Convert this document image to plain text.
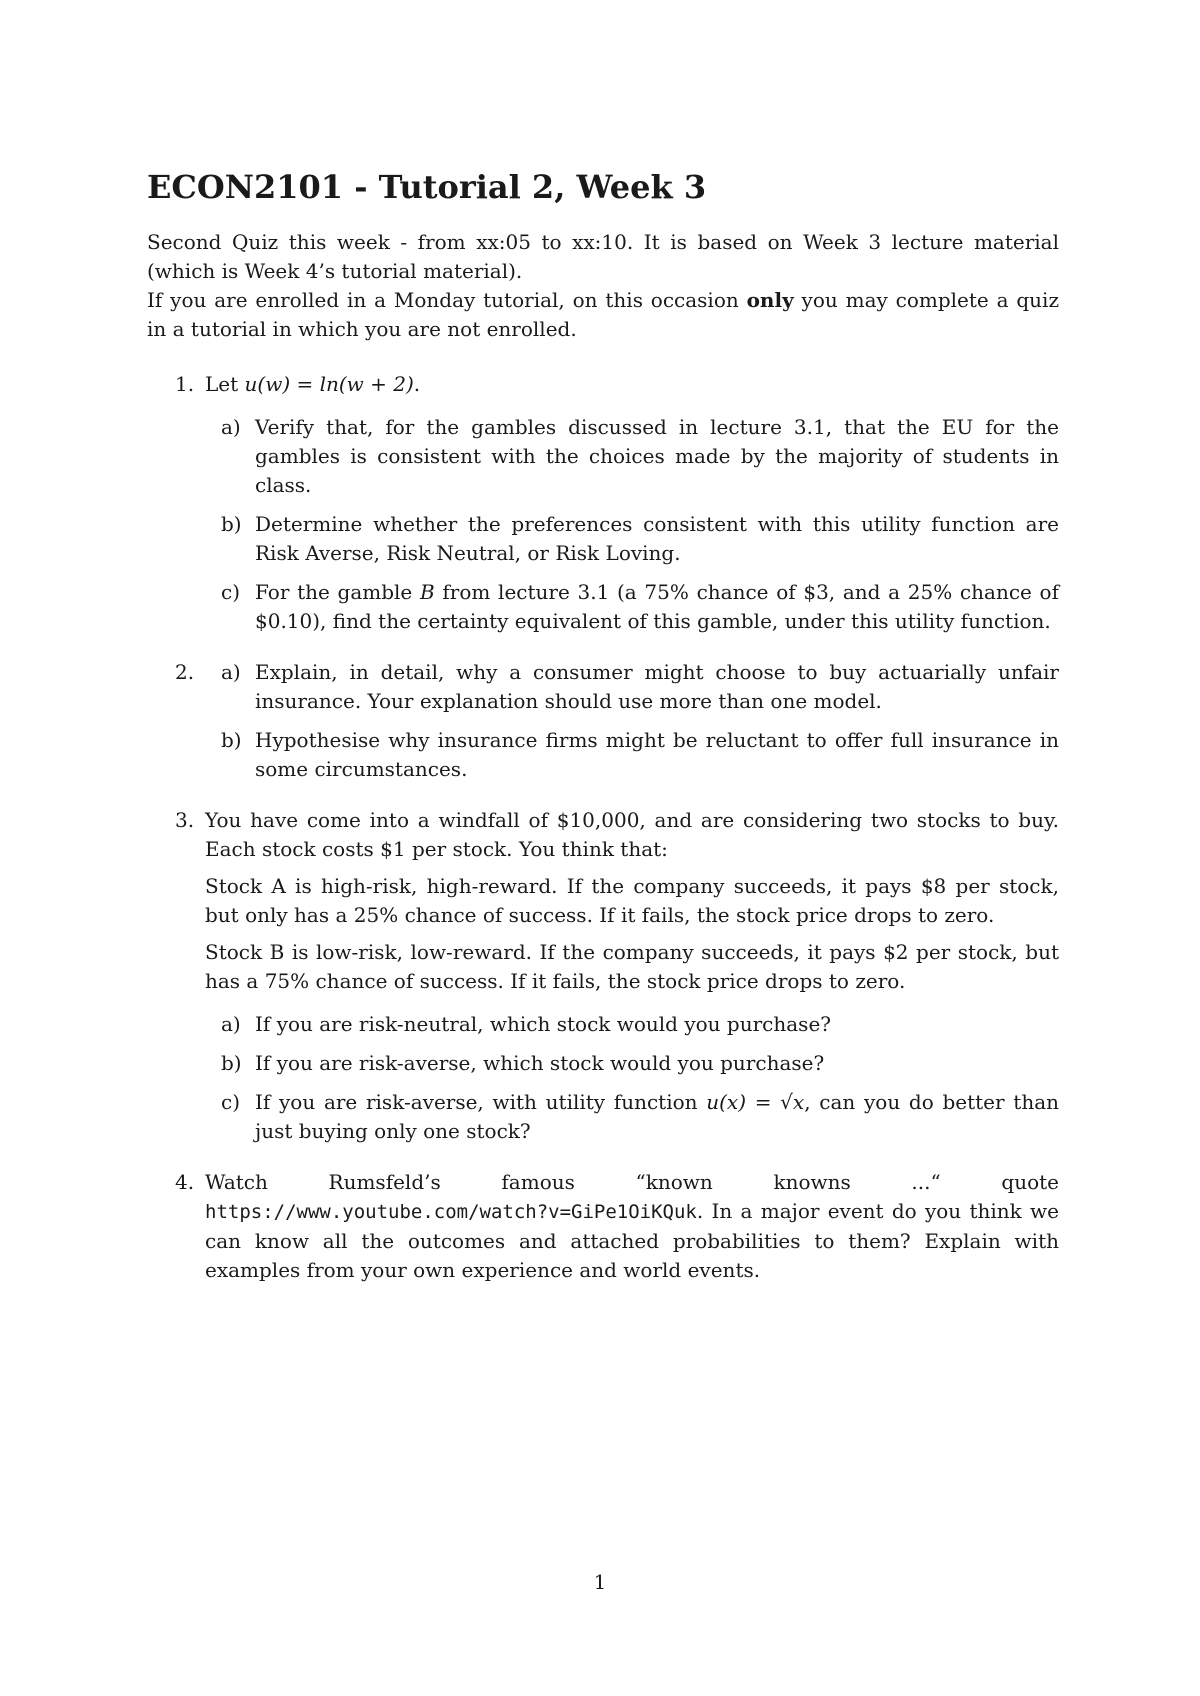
ECON2101 - Tutorial 2, Week 3

Second Quiz this week - from xx:05 to xx:10. It is based on Week 3 lecture material (which is Week 4’s tutorial material).

If you are enrolled in a Monday tutorial, on this occasion only you may complete a quiz in a tutorial in which you are not enrolled.

1. Let u(w) = ln(w + 2).

a) Verify that, for the gambles discussed in lecture 3.1, that the EU for the gambles is consistent with the choices made by the majority of students in class.
b) Determine whether the preferences consistent with this utility function are Risk Averse, Risk Neutral, or Risk Loving.
c) For the gamble B from lecture 3.1 (a 75% chance of $3, and a 25% chance of $0.10), find the certainty equivalent of this gamble, under this utility function.
2. a) Explain, in detail, why a consumer might choose to buy actuarially unfair insurance. Your explanation should use more than one model.
b) Hypothesise why insurance firms might be reluctant to offer full insurance in some circumstances.
3. You have come into a windfall of $10,000, and are considering two stocks to buy. Each stock costs $1 per stock. You think that:

Stock A is high-risk, high-reward. If the company succeeds, it pays $8 per stock, but only has a 25% chance of success. If it fails, the stock price drops to zero.

Stock B is low-risk, low-reward. If the company succeeds, it pays $2 per stock, but has a 75% chance of success. If it fails, the stock price drops to zero.

a) If you are risk-neutral, which stock would you purchase?
b) If you are risk-averse, which stock would you purchase?
c) If you are risk-averse, with utility function u(x) = √x, can you do better than just buying only one stock?
4. Watch Rumsfeld’s famous “known knowns ...“ quote https://www.youtube.com/watch?v=GiPe1OiKQuk. In a major event do you think we can know all the outcomes and attached probabilities to them? Explain with examples from your own experience and world events.

1
